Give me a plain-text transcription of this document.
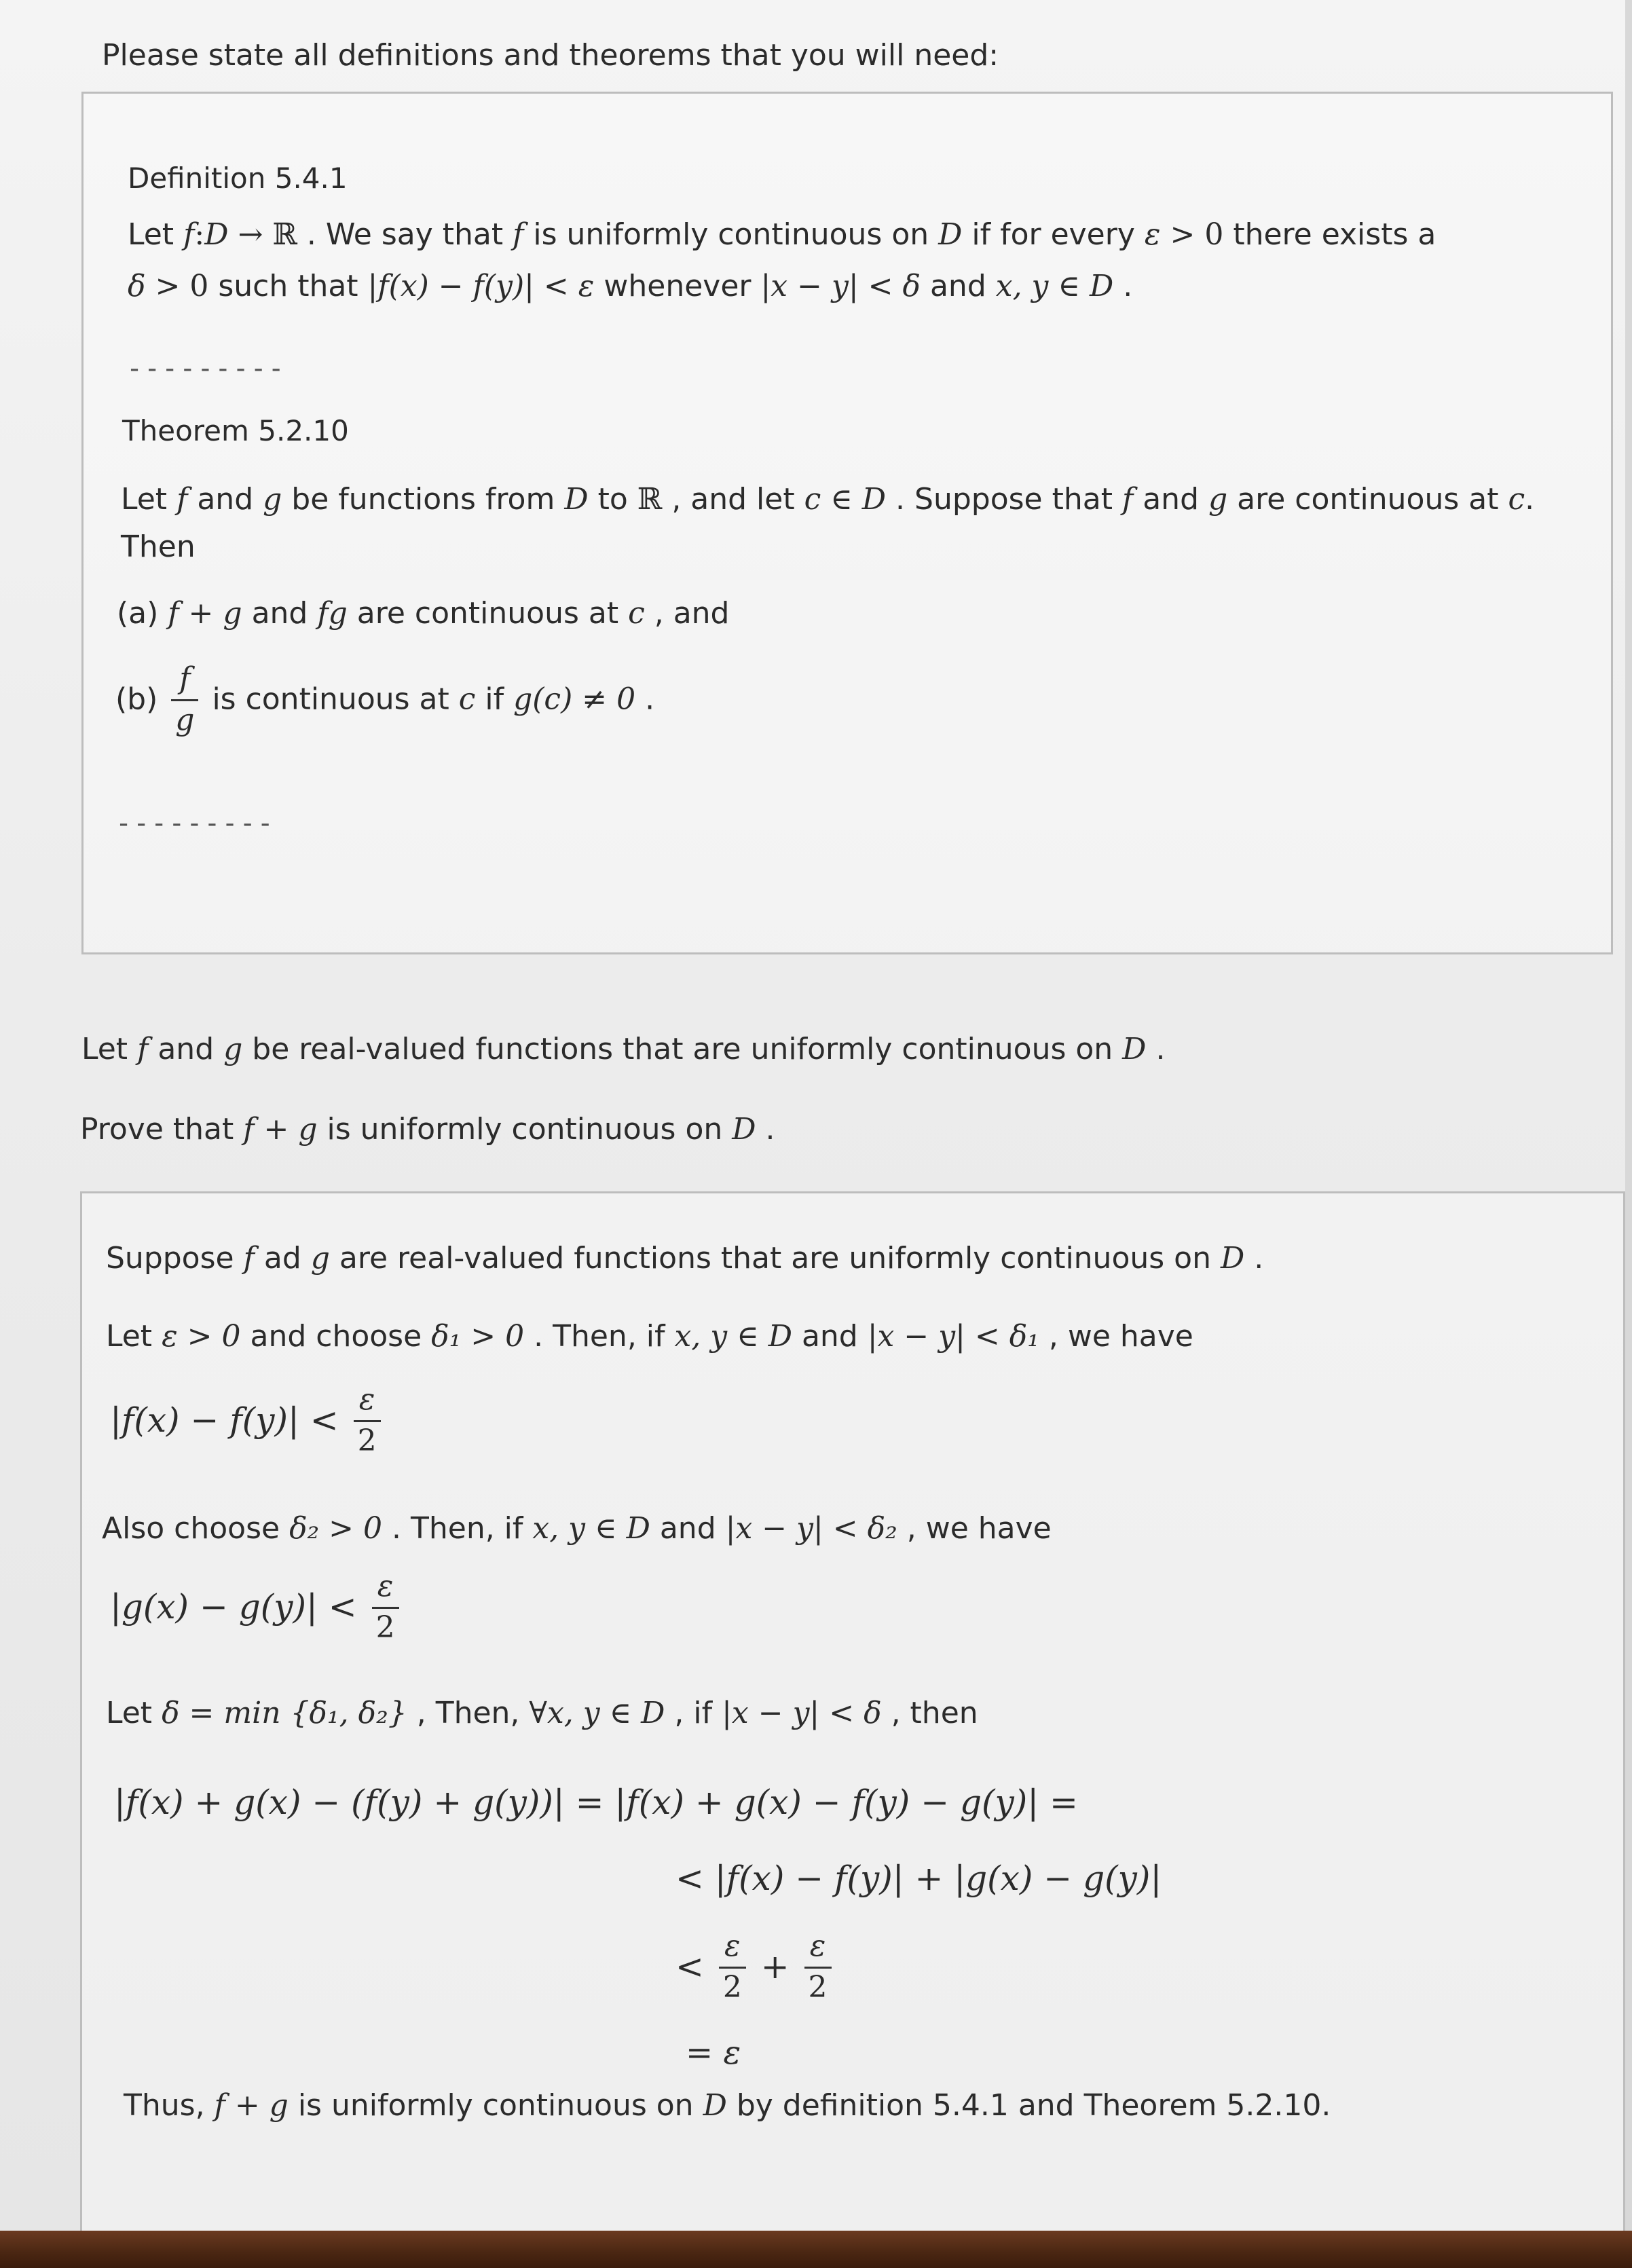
Please state all definitions and theorems that you will need:
Definition 5.4.1
Let f:D → ℝ . We say that f is uniformly continuous on D if for every ε > 0 there exists a
δ > 0 such that |f(x) − f(y)| < ε whenever |x − y| < δ and x, y ∈ D .
---------
Theorem 5.2.10
Let f and g be functions from D to ℝ , and let c ∈ D . Suppose that f and g are continuous at c.
Then
(a) f + g and fg are continuous at c , and
$(b) \frac{f}{g}$ is continuous at c if g(c) ≠ 0 .
---------
Let f and g be real-valued functions that are uniformly continuous on D .
Prove that f + g is uniformly continuous on D .
Suppose f ad g are real-valued functions that are uniformly continuous on D .
Let ε > 0 and choose δ₁ > 0 . Then, if x, y ∈ D and |x − y| < δ₁ , we have
$|f(x) - f(y)| < \frac{\varepsilon}{2}$
Also choose δ₂ > 0 . Then, if x, y ∈ D and |x − y| < δ₂ , we have
$|g(x) - g(y)| < \frac{\varepsilon}{2}$
Let δ = min {δ₁, δ₂} , Then, ∀x, y ∈ D , if |x − y| < δ , then
|f(x) + g(x) − (f(y) + g(y))| = |f(x) + g(x) − f(y) − g(y)| =
< |f(x) − f(y)| + |g(x) − g(y)|
< $\frac{\varepsilon}{2} + \frac{\varepsilon}{2}$
= ε
Thus, f + g is uniformly continuous on D by definition 5.4.1 and Theorem 5.2.10.
